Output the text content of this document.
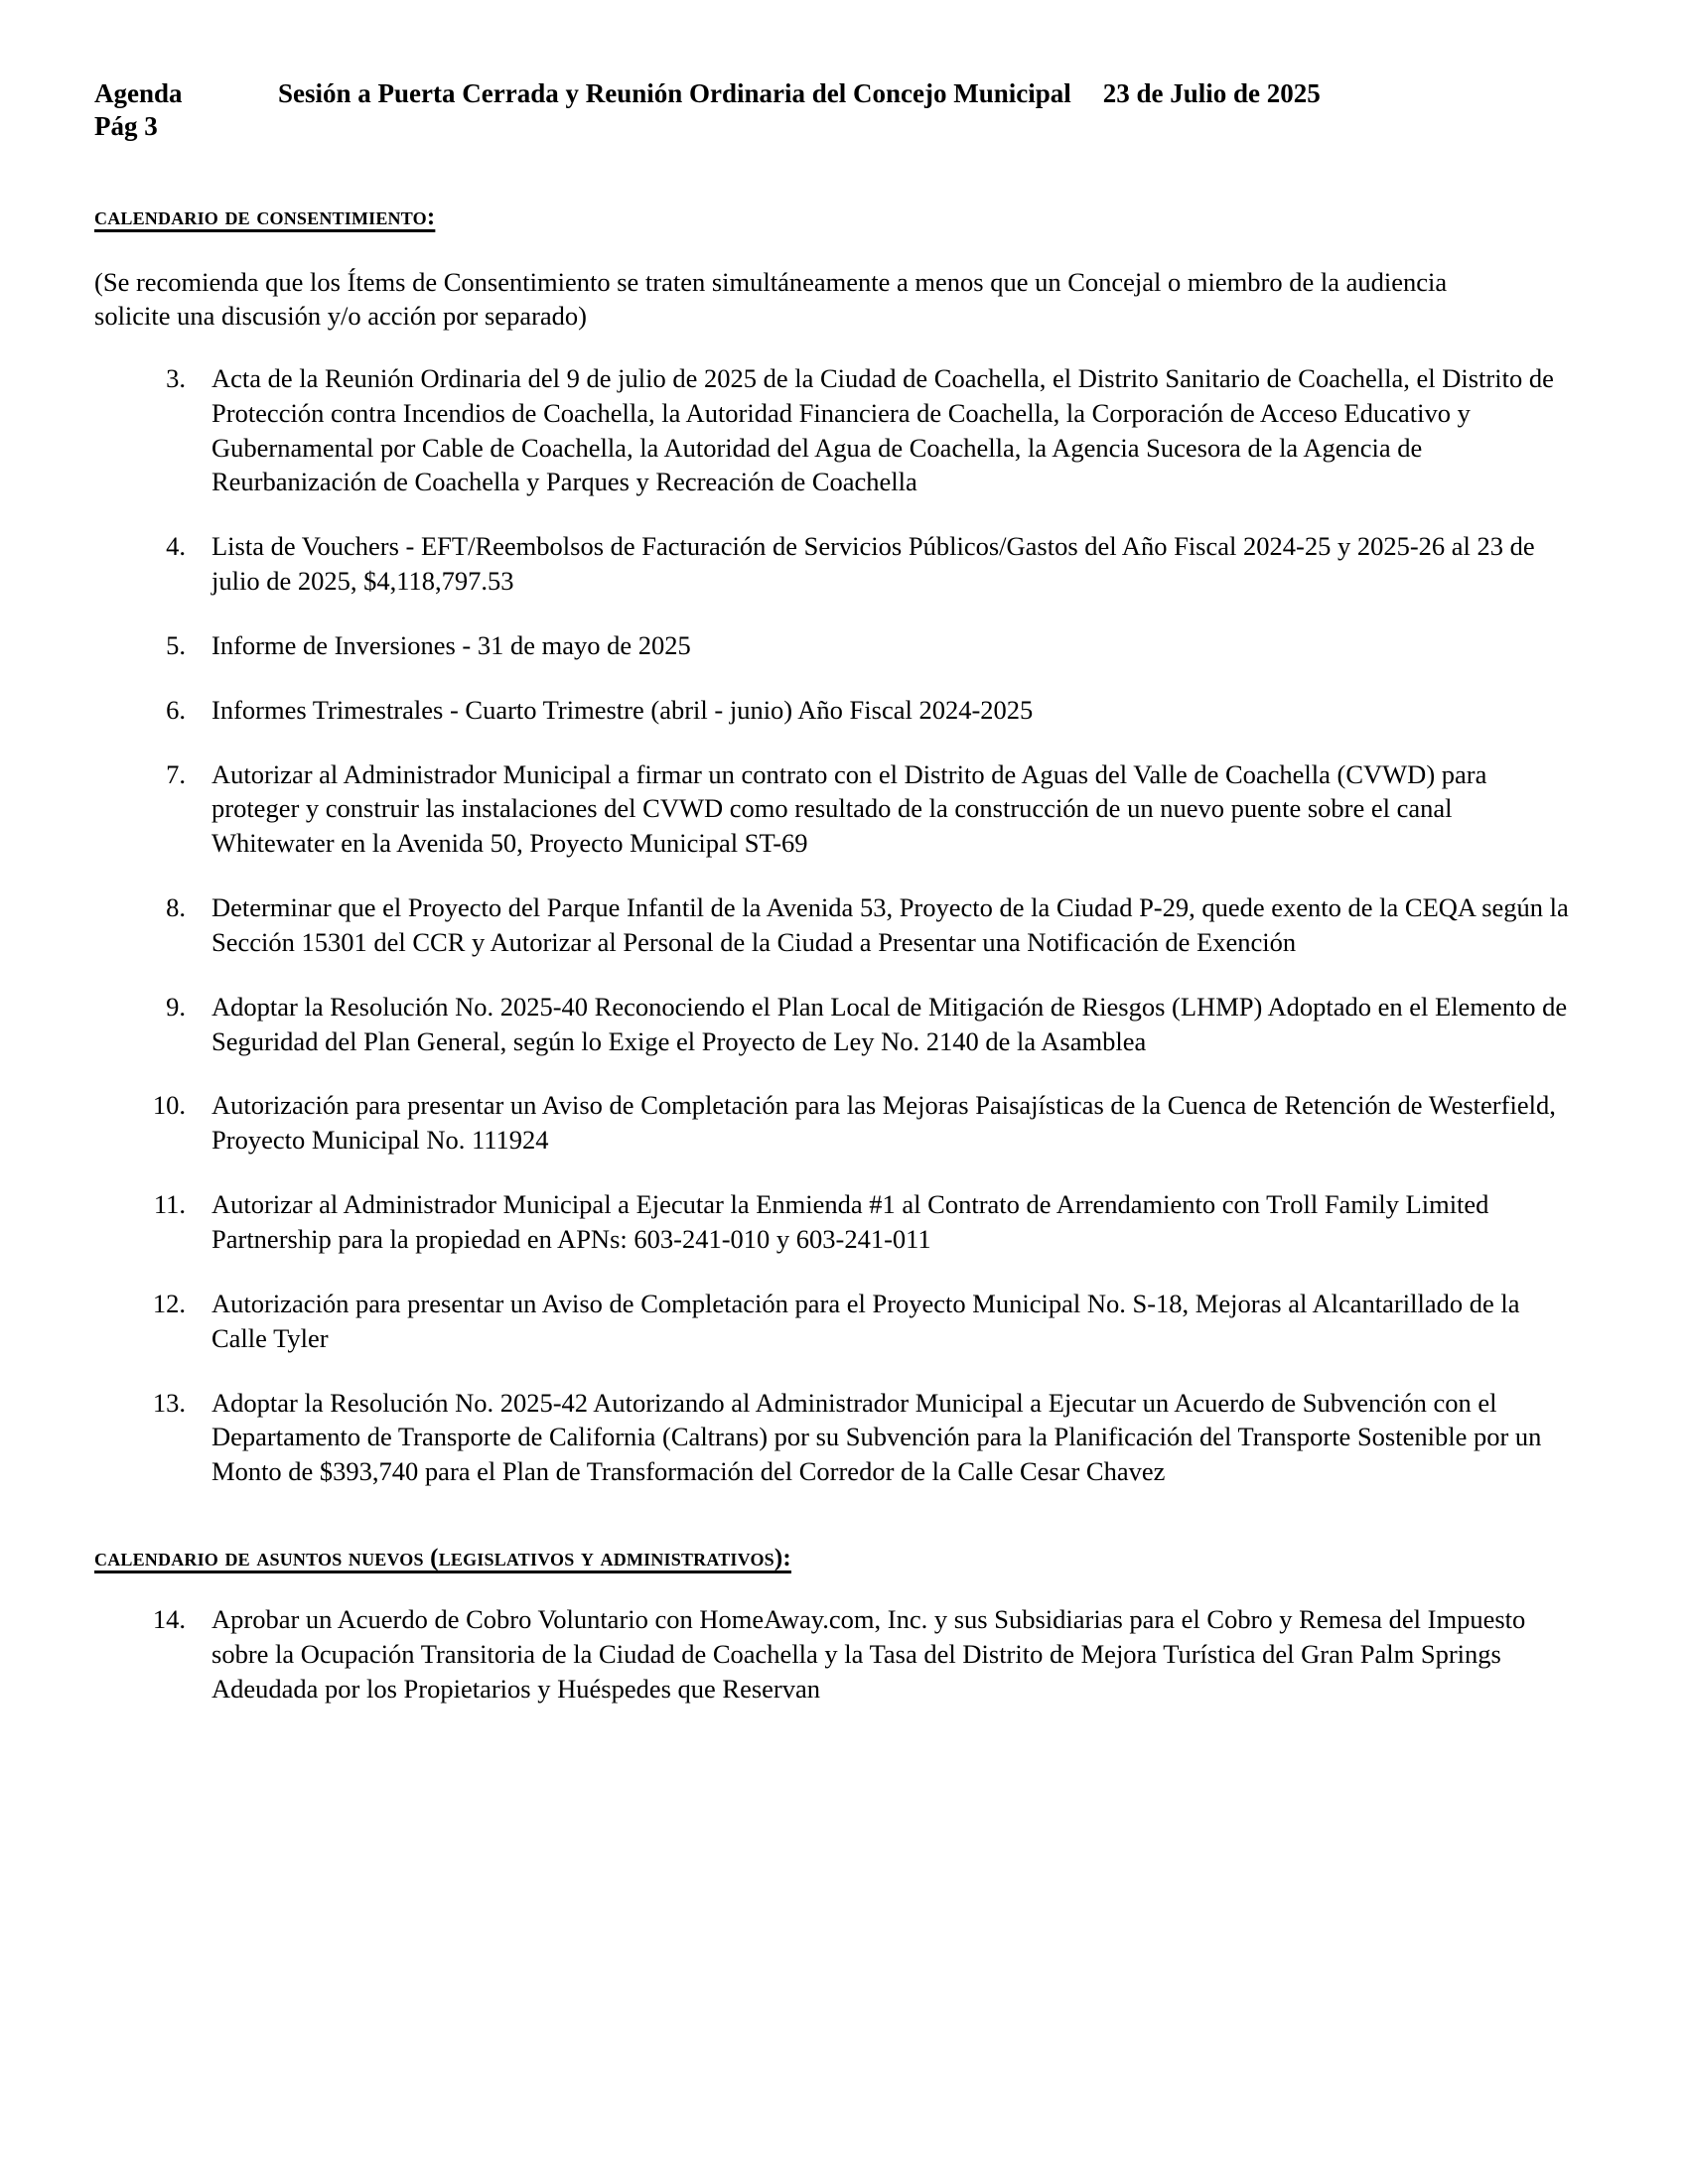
Agenda	Sesión a Puerta Cerrada y Reunión Ordinaria del Concejo Municipal 23 de Julio de 2025
Pág 3
calendario de consentimiento:

(Se recomienda que los Ítems de Consentimiento se traten simultáneamente a menos que un Concejal o miembro de la audiencia solicite una discusión y/o acción por separado)

3. Acta de la Reunión Ordinaria del 9 de julio de 2025 de la Ciudad de Coachella, el Distrito Sanitario de Coachella, el Distrito de Protección contra Incendios de Coachella, la Autoridad Financiera de Coachella, la Corporación de Acceso Educativo y Gubernamental por Cable de Coachella, la Autoridad del Agua de Coachella, la Agencia Sucesora de la Agencia de Reurbanización de Coachella y Parques y Recreación de Coachella
4. Lista de Vouchers - EFT/Reembolsos de Facturación de Servicios Públicos/Gastos del Año Fiscal 2024-25 y 2025-26 al 23 de julio de 2025, $4,118,797.53
5. Informe de Inversiones - 31 de mayo de 2025
6. Informes Trimestrales - Cuarto Trimestre (abril - junio) Año Fiscal 2024-2025
7. Autorizar al Administrador Municipal a firmar un contrato con el Distrito de Aguas del Valle de Coachella (CVWD) para proteger y construir las instalaciones del CVWD como resultado de la construcción de un nuevo puente sobre el canal Whitewater en la Avenida 50, Proyecto Municipal ST-69
8. Determinar que el Proyecto del Parque Infantil de la Avenida 53, Proyecto de la Ciudad P-29, quede exento de la CEQA según la Sección 15301 del CCR y Autorizar al Personal de la Ciudad a Presentar una Notificación de Exención
9. Adoptar la Resolución No. 2025-40 Reconociendo el Plan Local de Mitigación de Riesgos (LHMP) Adoptado en el Elemento de Seguridad del Plan General, según lo Exige el Proyecto de Ley No. 2140 de la Asamblea
10. Autorización para presentar un Aviso de Completación para las Mejoras Paisajísticas de la Cuenca de Retención de Westerfield, Proyecto Municipal No. 111924
11. Autorizar al Administrador Municipal a Ejecutar la Enmienda #1 al Contrato de Arrendamiento con Troll Family Limited Partnership para la propiedad en APNs: 603-241-010 y 603-241-011
12. Autorización para presentar un Aviso de Completación para el Proyecto Municipal No. S-18, Mejoras al Alcantarillado de la Calle Tyler
13. Adoptar la Resolución No. 2025-42 Autorizando al Administrador Municipal a Ejecutar un Acuerdo de Subvención con el Departamento de Transporte de California (Caltrans) por su Subvención para la Planificación del Transporte Sostenible por un Monto de $393,740 para el Plan de Transformación del Corredor de la Calle Cesar Chavez
calendario de asuntos nuevos (legislativos y administrativos):
14. Aprobar un Acuerdo de Cobro Voluntario con HomeAway.com, Inc. y sus Subsidiarias para el Cobro y Remesa del Impuesto sobre la Ocupación Transitoria de la Ciudad de Coachella y la Tasa del Distrito de Mejora Turística del Gran Palm Springs Adeudada por los Propietarios y Huéspedes que Reservan
